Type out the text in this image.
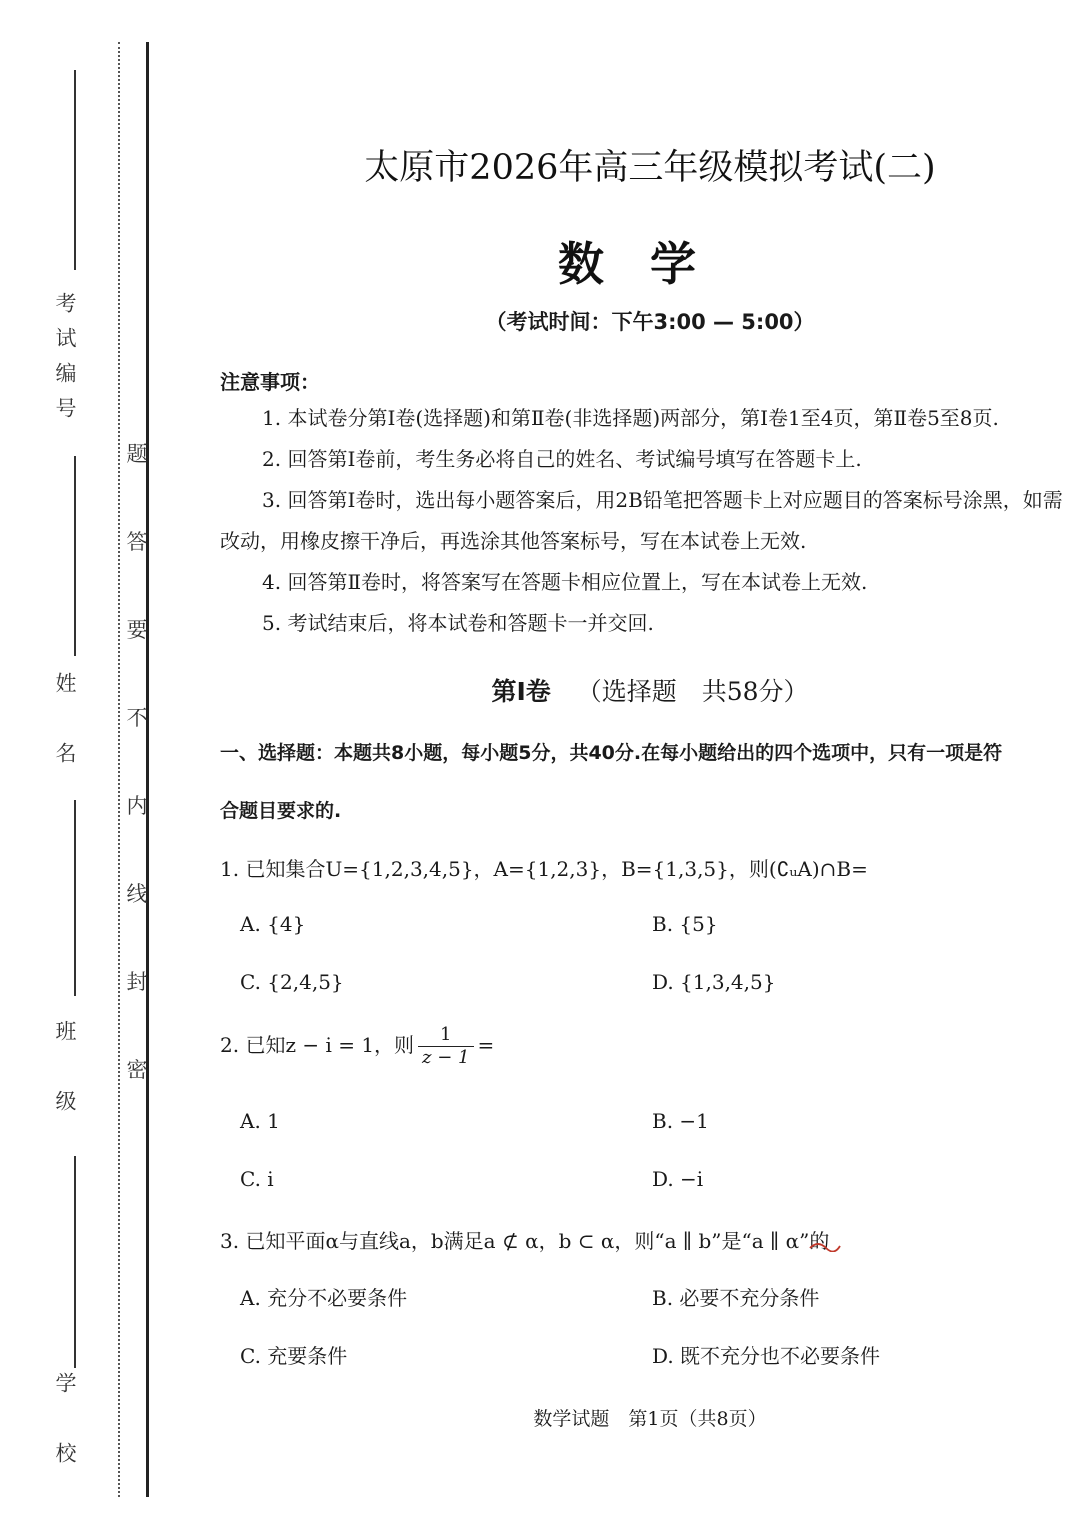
考试编号
姓　名
班　级
学　校
密
封
线
内
不
要
答
题
太原市2026年高三年级模拟考试(二)
数学
（考试时间：下午3:00 — 5:00）
注意事项：
1. 本试卷分第Ⅰ卷(选择题)和第Ⅱ卷(非选择题)两部分，第Ⅰ卷1至4页，第Ⅱ卷5至8页.
2. 回答第Ⅰ卷前，考生务必将自己的姓名、考试编号填写在答题卡上.
3. 回答第Ⅰ卷时，选出每小题答案后，用2B铅笔把答题卡上对应题目的答案标号涂黑，如需改动，用橡皮擦干净后，再选涂其他答案标号，写在本试卷上无效.
4. 回答第Ⅱ卷时，将答案写在答题卡相应位置上，写在本试卷上无效.
5. 考试结束后，将本试卷和答题卡一并交回.
第Ⅰ卷 （选择题　共58分）
一、选择题：本题共8小题，每小题5分，共40分.在每小题给出的四个选项中，只有一项是符
合题目要求的.
1. 已知集合U={1,2,3,4,5}，A={1,2,3}，B={1,3,5}，则(∁ᵤA)∩B=
A. {4}	B. {5}
C. {2,4,5}	D. {1,3,4,5}
2. 已知z − i = 1，则 $\frac{1}{z - 1}$ =
A. 1	B. −1
C. i	D. −i
3. 已知平面α与直线a，b满足a ⊄ α，b ⊂ α，则“a ∥ b”是“a ∥ α”的
A. 充分不必要条件	B. 必要不充分条件
C. 充要条件	D. 既不充分也不必要条件
数学试题　第1页（共8页）
